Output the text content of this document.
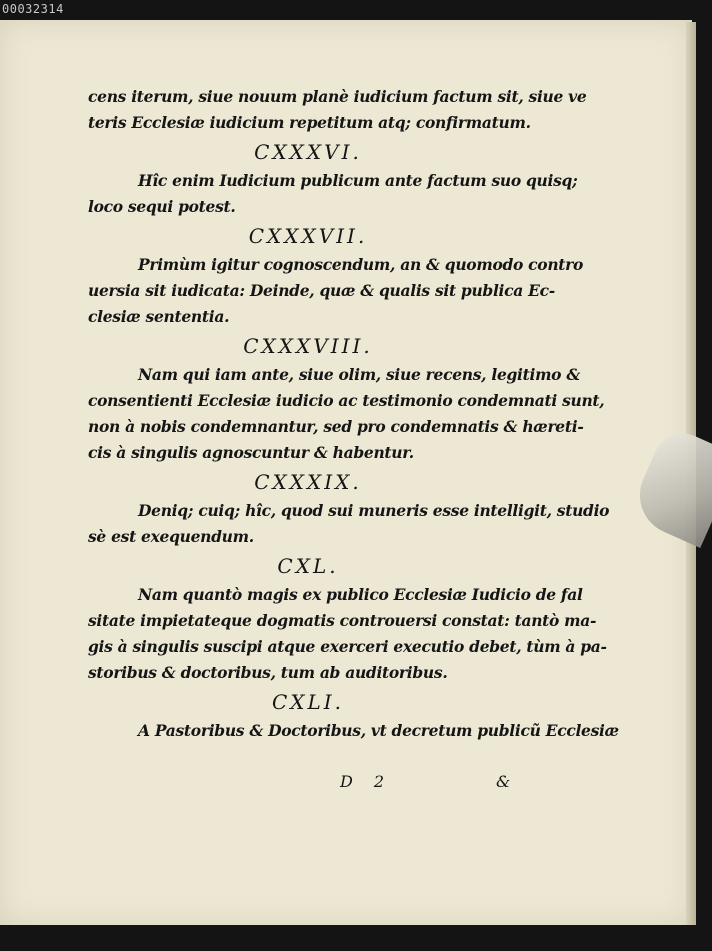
00032314
cens iterum, siue nouum planè iudicium factum sit, siue ve
teris Ecclesiæ iudicium repetitum atq; confirmatum.
CXXXVI.
Hîc enim Iudicium publicum ante factum suo quisq;
loco sequi potest.
CXXXVII.
Primùm igitur cognoscendum, an & quomodo contro
uersia sit iudicata: Deinde, quæ & qualis sit publica Ec-
clesiæ sententia.
CXXXVIII.
Nam qui iam ante, siue olim, siue recens, legitimo &
consentienti Ecclesiæ iudicio ac testimonio condemnati sunt,
non à nobis condemnantur, sed pro condemnatis & hæreti-
cis à singulis agnoscuntur & habentur.
CXXXIX.
Deniq; cuiq; hîc, quod sui muneris esse intelligit, studio
sè est exequendum.
CXL.
Nam quantò magis ex publico Ecclesiæ Iudicio de fal
sitate impietateque dogmatis controuersi constat: tantò ma-
gis à singulis suscipi atque exerceri executio debet, tùm à pa-
storibus & doctoribus, tum ab auditoribus.
CXLI.
A Pastoribus & Doctoribus, vt decretum publicũ Ecclesiæ
D 2	&
